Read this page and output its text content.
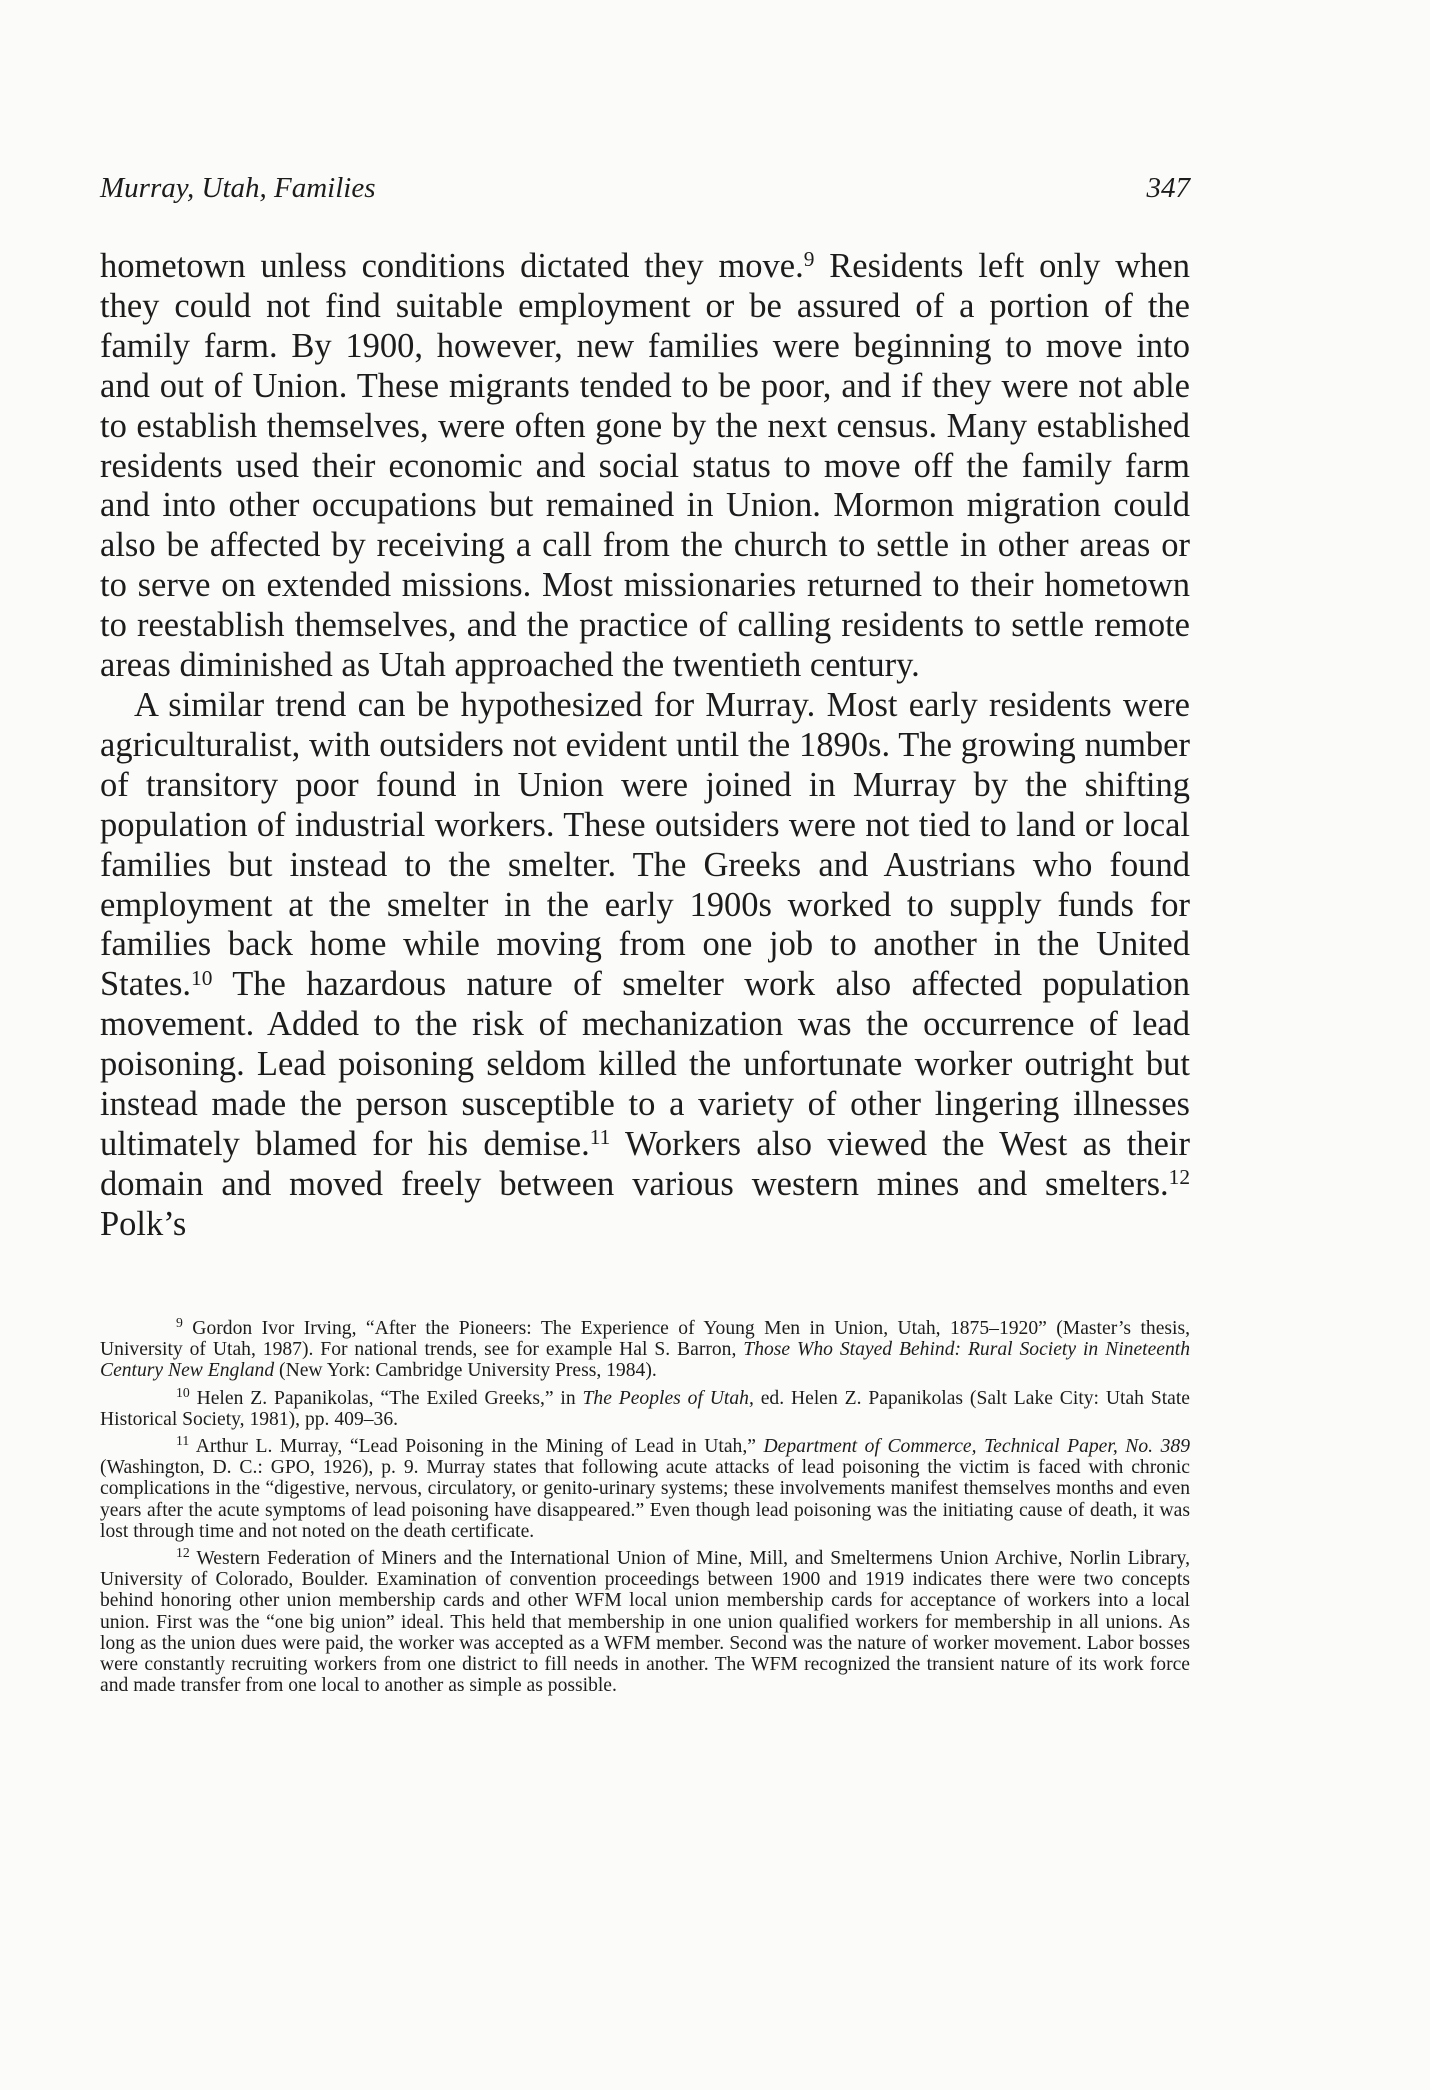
Murray, Utah, Families	347

hometown unless conditions dictated they move.$^9$ Residents left only when they could not find suitable employment or be assured of a portion of the family farm. By 1900, however, new families were beginning to move into and out of Union. These migrants tended to be poor, and if they were not able to establish themselves, were often gone by the next census. Many established residents used their economic and social status to move off the family farm and into other occupations but remained in Union. Mormon migration could also be affected by receiving a call from the church to settle in other areas or to serve on extended missions. Most missionaries returned to their hometown to reestablish themselves, and the practice of calling residents to settle remote areas diminished as Utah approached the twentieth century.

A similar trend can be hypothesized for Murray. Most early residents were agriculturalist, with outsiders not evident until the 1890s. The growing number of transitory poor found in Union were joined in Murray by the shifting population of industrial workers. These outsiders were not tied to land or local families but instead to the smelter. The Greeks and Austrians who found employment at the smelter in the early 1900s worked to supply funds for families back home while moving from one job to another in the United States.$^{10}$ The hazardous nature of smelter work also affected population movement. Added to the risk of mechanization was the occurrence of lead poisoning. Lead poisoning seldom killed the unfortunate worker outright but instead made the person susceptible to a variety of other lingering illnesses ultimately blamed for his demise.$^{11}$ Workers also viewed the West as their domain and moved freely between various western mines and smelters.$^{12}$ Polk’s

$^9$ Gordon Ivor Irving, “After the Pioneers: The Experience of Young Men in Union, Utah, 1875–1920” (Master’s thesis, University of Utah, 1987). For national trends, see for example Hal S. Barron, Those Who Stayed Behind: Rural Society in Nineteenth Century New England (New York: Cambridge University Press, 1984).

$^{10}$ Helen Z. Papanikolas, “The Exiled Greeks,” in The Peoples of Utah, ed. Helen Z. Papanikolas (Salt Lake City: Utah State Historical Society, 1981), pp. 409–36.

$^{11}$ Arthur L. Murray, “Lead Poisoning in the Mining of Lead in Utah,” Department of Commerce, Technical Paper, No. 389 (Washington, D. C.: GPO, 1926), p. 9. Murray states that following acute attacks of lead poisoning the victim is faced with chronic complications in the “digestive, nervous, circulatory, or genito-urinary systems; these involvements manifest themselves months and even years after the acute symptoms of lead poisoning have disappeared.” Even though lead poisoning was the initiating cause of death, it was lost through time and not noted on the death certificate.

$^{12}$ Western Federation of Miners and the International Union of Mine, Mill, and Smeltermens Union Archive, Norlin Library, University of Colorado, Boulder. Examination of convention proceedings between 1900 and 1919 indicates there were two concepts behind honoring other union membership cards and other WFM local union membership cards for acceptance of workers into a local union. First was the “one big union” ideal. This held that membership in one union qualified workers for membership in all unions. As long as the union dues were paid, the worker was accepted as a WFM member. Second was the nature of worker movement. Labor bosses were constantly recruiting workers from one district to fill needs in another. The WFM recognized the transient nature of its work force and made transfer from one local to another as simple as possible.
